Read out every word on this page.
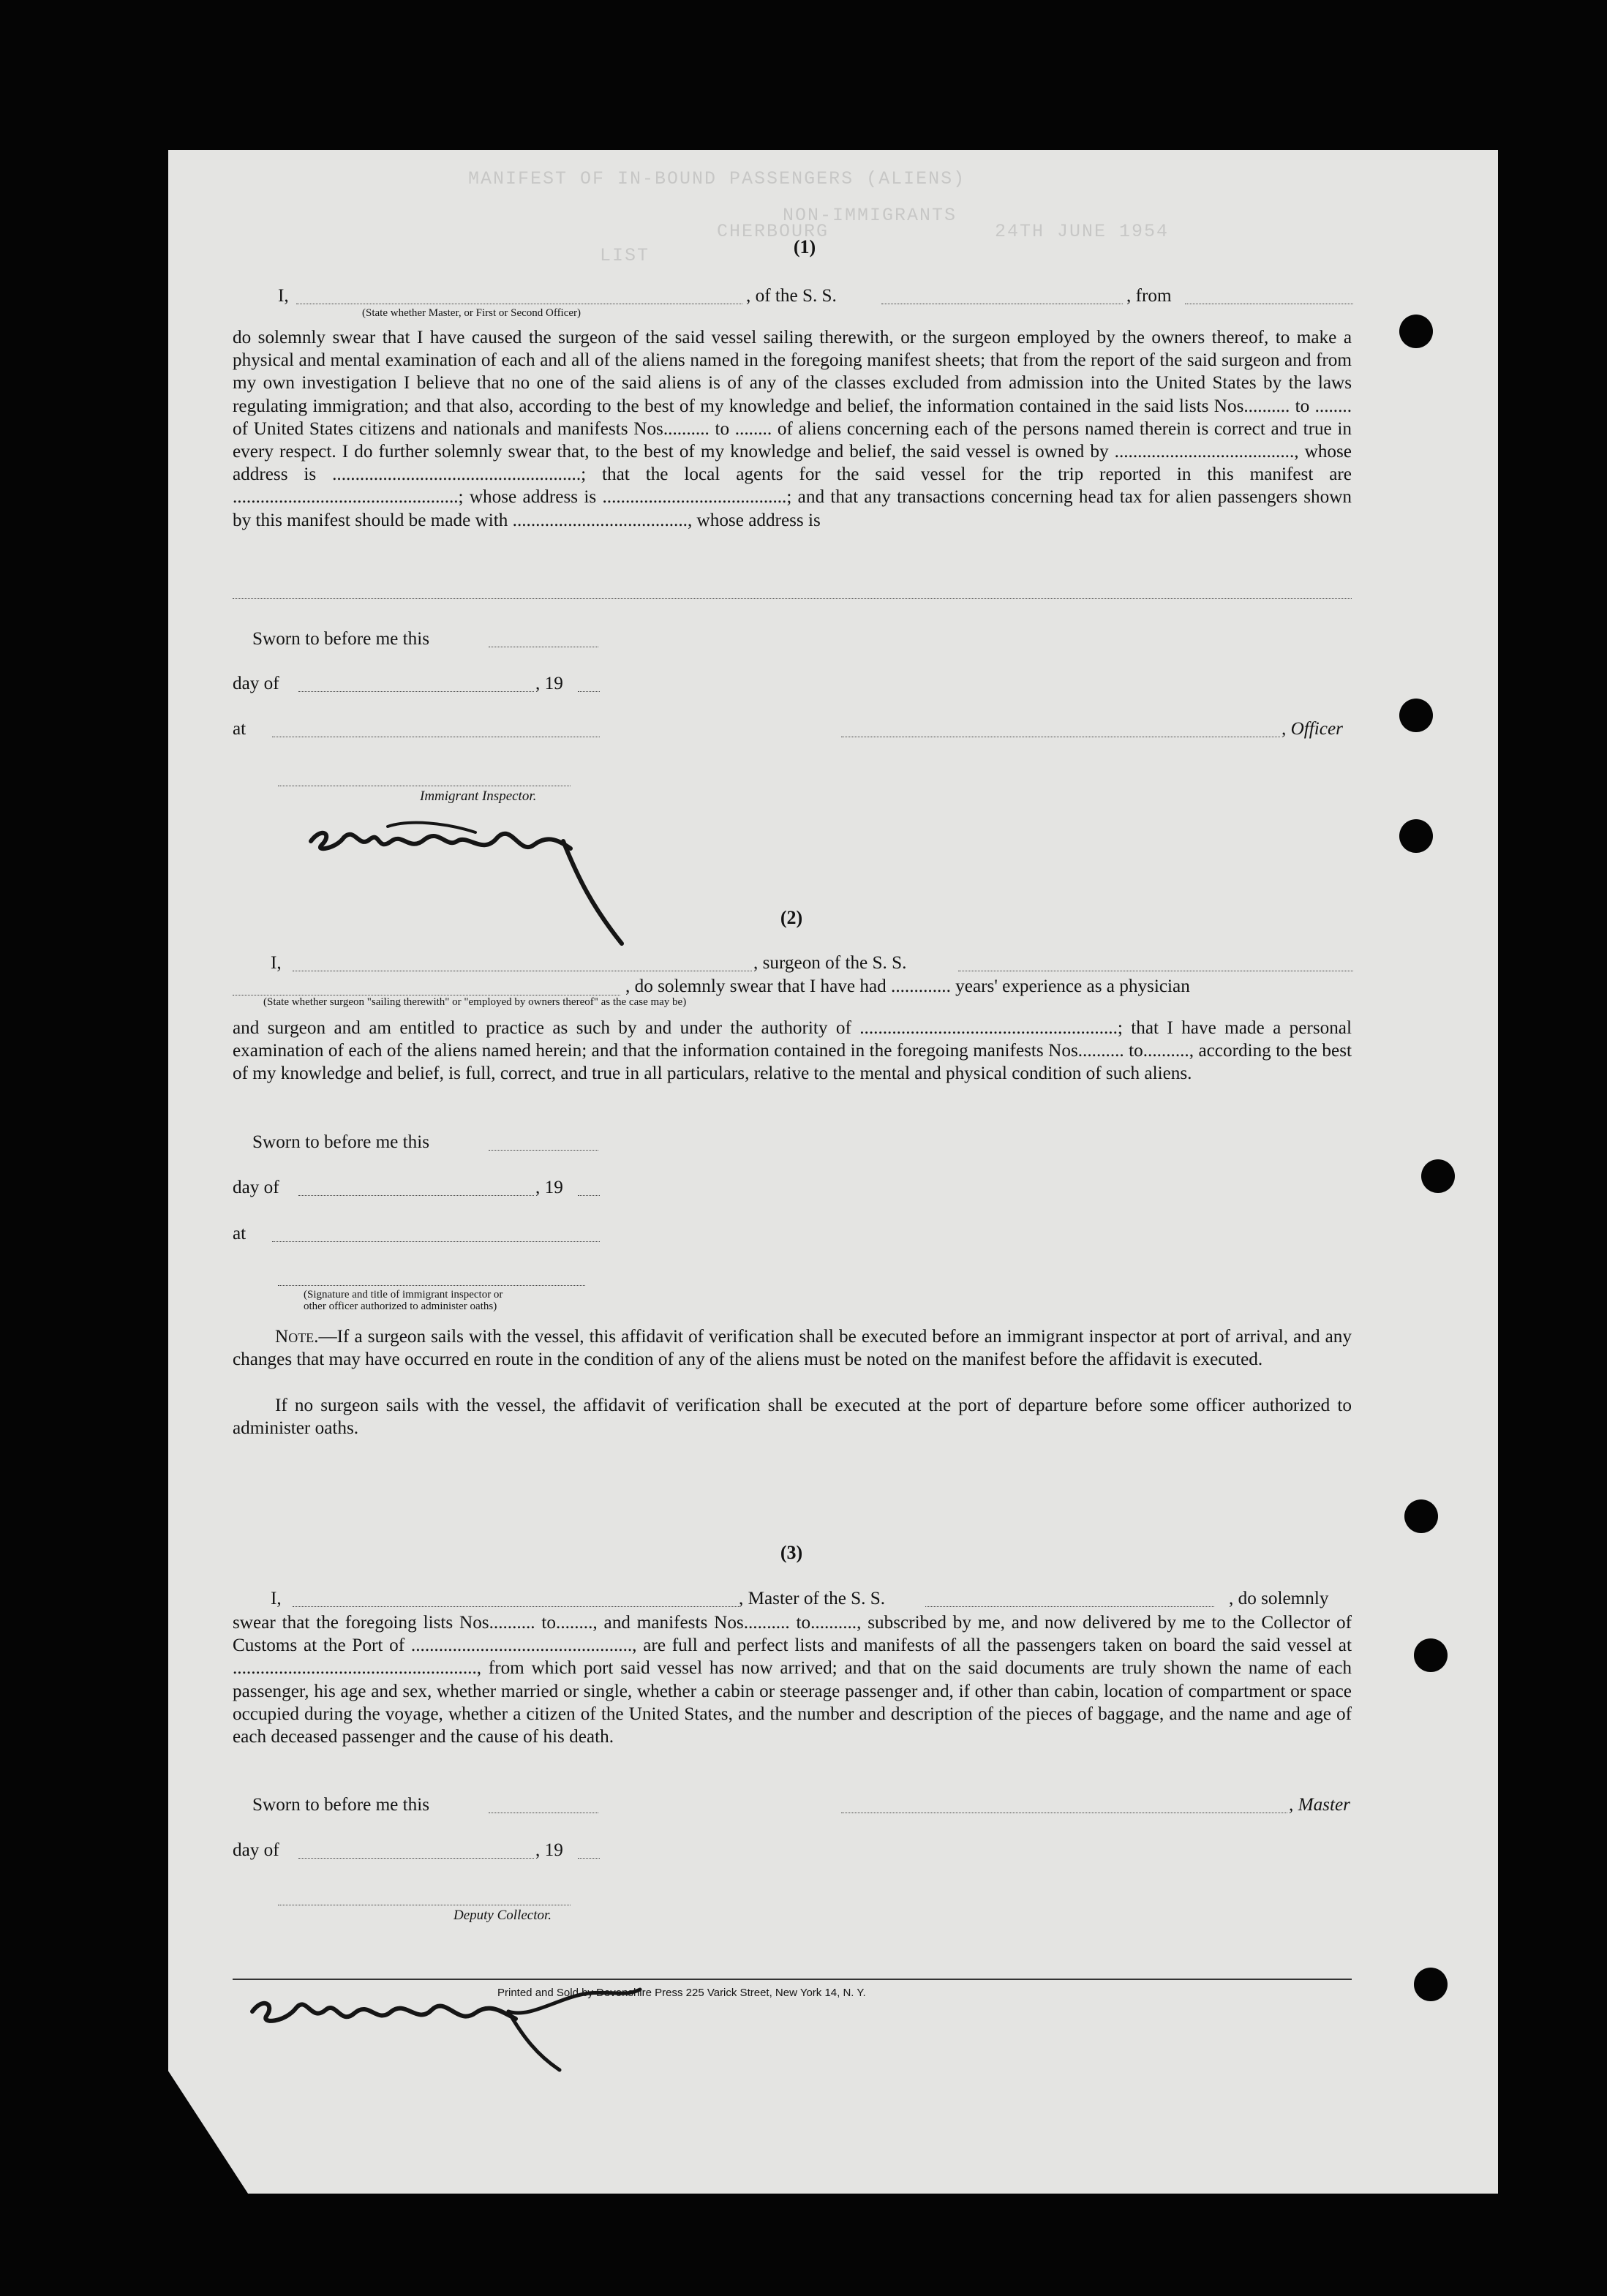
MANIFEST OF IN-BOUND PASSENGERS (ALIENS)
NON-IMMIGRANTS
LIST
CHERBOURG	24TH JUNE 1954
(1)
I,	, of the S. S.	, from
(State whether Master, or First or Second Officer)

do solemnly swear that I have caused the surgeon of the said vessel sailing therewith, or the surgeon employed by the owners thereof, to make a physical and mental examination of each and all of the aliens named in the foregoing manifest sheets; that from the report of the said surgeon and from my own investigation I believe that no one of the said aliens is of any of the classes excluded from admission into the United States by the laws regulating immigration; and that also, according to the best of my knowledge and belief, the information contained in the said lists Nos.......... to ........ of United States citizens and nationals and manifests Nos.......... to ........ of aliens concerning each of the persons named therein is correct and true in every respect. I do further solemnly swear that, to the best of my knowledge and belief, the said vessel is owned by ......................................., whose address is ......................................................; that the local agents for the said vessel for the trip reported in this manifest are .................................................; whose address is ........................................; and that any transactions concerning head tax for alien passengers shown by this manifest should be made with ......................................, whose address is

Sworn to before me this
day of	, 19
at	, Officer
Immigrant Inspector.
(2)
I,	, surgeon of the S. S.
, do solemnly swear that I have had ............. years' experience as a physician
(State whether surgeon "sailing therewith" or "employed by owners thereof" as the case may be)

and surgeon and am entitled to practice as such by and under the authority of ........................................................; that I have made a personal examination of each of the aliens named herein; and that the information contained in the foregoing manifests Nos.......... to.........., according to the best of my knowledge and belief, is full, correct, and true in all particulars, relative to the mental and physical condition of such aliens.

Sworn to before me this
day of	, 19
at
(Signature and title of immigrant inspector or
other officer authorized to administer oaths)
Note.—If a surgeon sails with the vessel, this affidavit of verification shall be executed before an immigrant inspector at port of arrival, and any changes that may have occurred en route in the condition of any of the aliens must be noted on the manifest before the affidavit is executed.

If no surgeon sails with the vessel, the affidavit of verification shall be executed at the port of departure before some officer authorized to administer oaths.

(3)
I,	, Master of the S. S.	, do solemnly

swear that the foregoing lists Nos.......... to........, and manifests Nos.......... to.........., subscribed by me, and now delivered by me to the Collector of Customs at the Port of ................................................, are full and perfect lists and manifests of all the passengers taken on board the said vessel at ....................................................., from which port said vessel has now arrived; and that on the said documents are truly shown the name of each passenger, his age and sex, whether married or single, whether a cabin or steerage passenger and, if other than cabin, location of compartment or space occupied during the voyage, whether a citizen of the United States, and the number and description of the pieces of baggage, and the name and age of each deceased passenger and the cause of his death.

Sworn to before me this	, Master
day of	, 19
Deputy Collector.
Printed and Sold by Devonshire Press 225 Varick Street, New York 14, N. Y.
